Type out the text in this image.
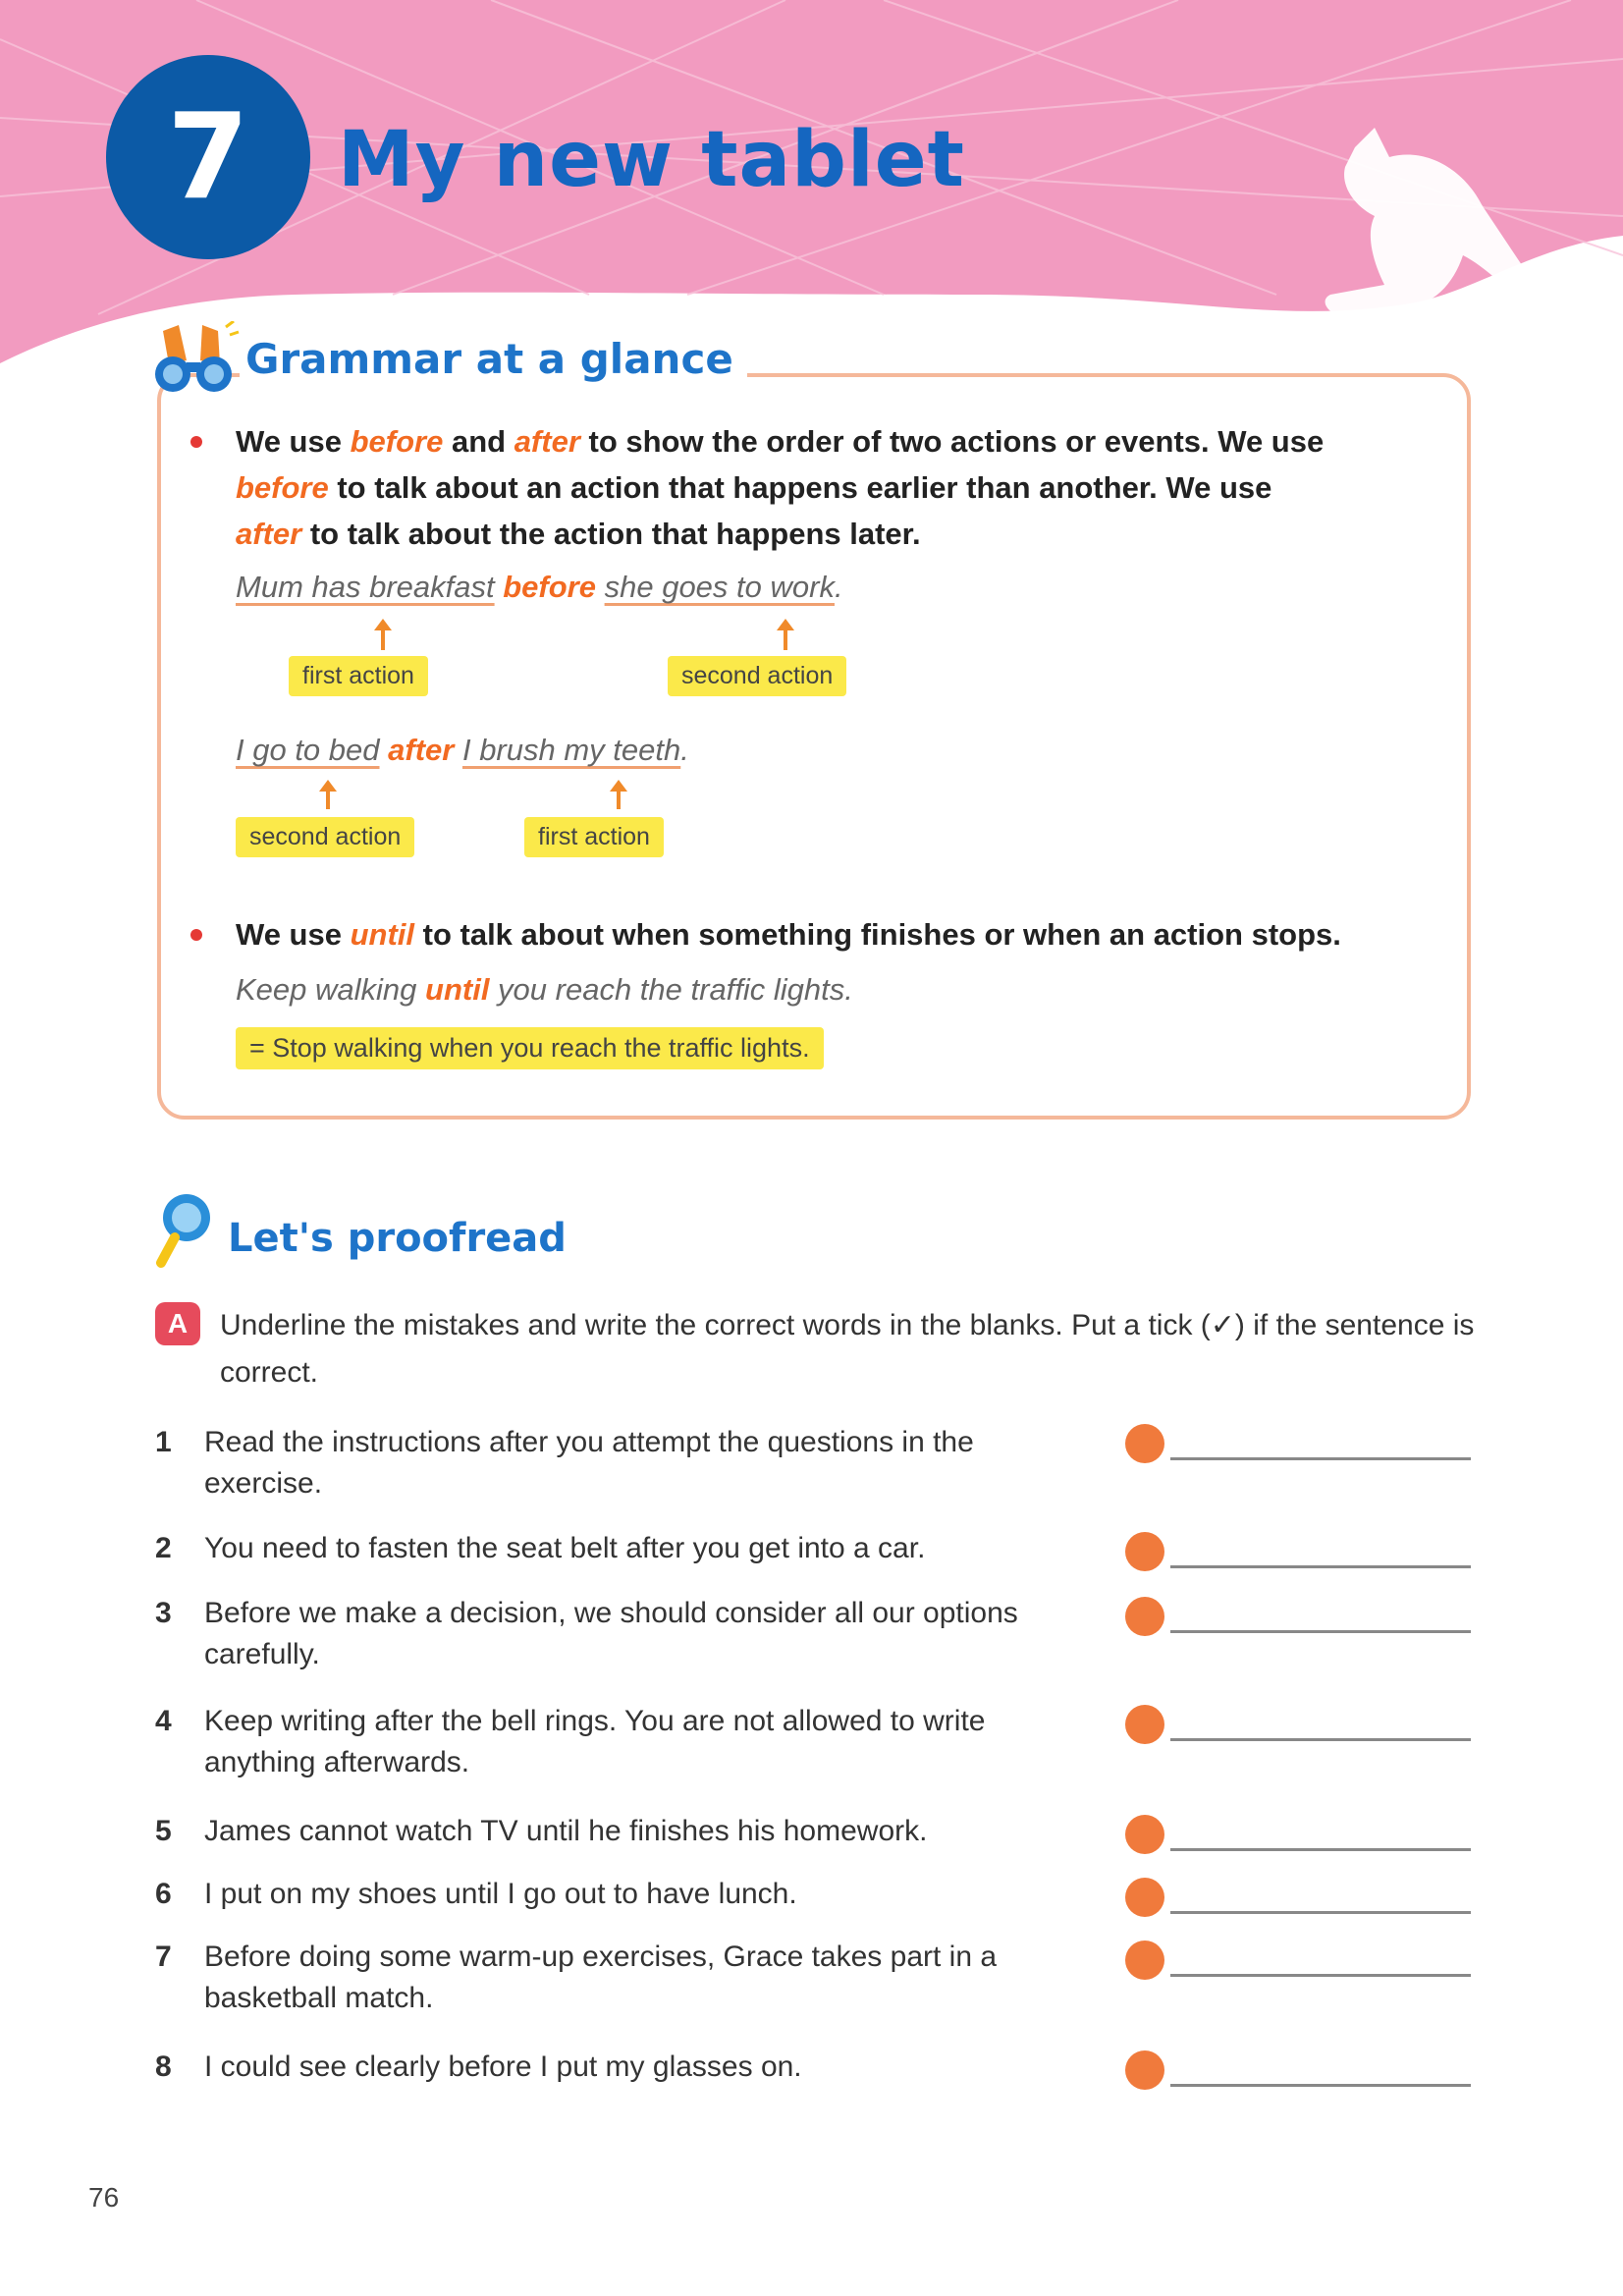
7	My new tablet
Grammar at a glance
We use before and after to show the order of two actions or events. We use
before to talk about an action that happens earlier than another. We use
after to talk about the action that happens later.
Mum has breakfast before she goes to work.
first action	second action
I go to bed after I brush my teeth.
second action	first action
We use until to talk about when something finishes or when an action stops.
Keep walking until you reach the traffic lights.
= Stop walking when you reach the traffic lights.
Let's proofread
A	Underline the mistakes and write the correct words in the blanks. Put a tick (✓) if the sentence is correct.
1 Read the instructions after you attempt the questions in the exercise.
2 You need to fasten the seat belt after you get into a car.
3 Before we make a decision, we should consider all our options carefully.
4 Keep writing after the bell rings. You are not allowed to write anything afterwards.
5 James cannot watch TV until he finishes his homework.
6 I put on my shoes until I go out to have lunch.
7 Before doing some warm-up exercises, Grace takes part in a basketball match.
8 I could see clearly before I put my glasses on.
76
